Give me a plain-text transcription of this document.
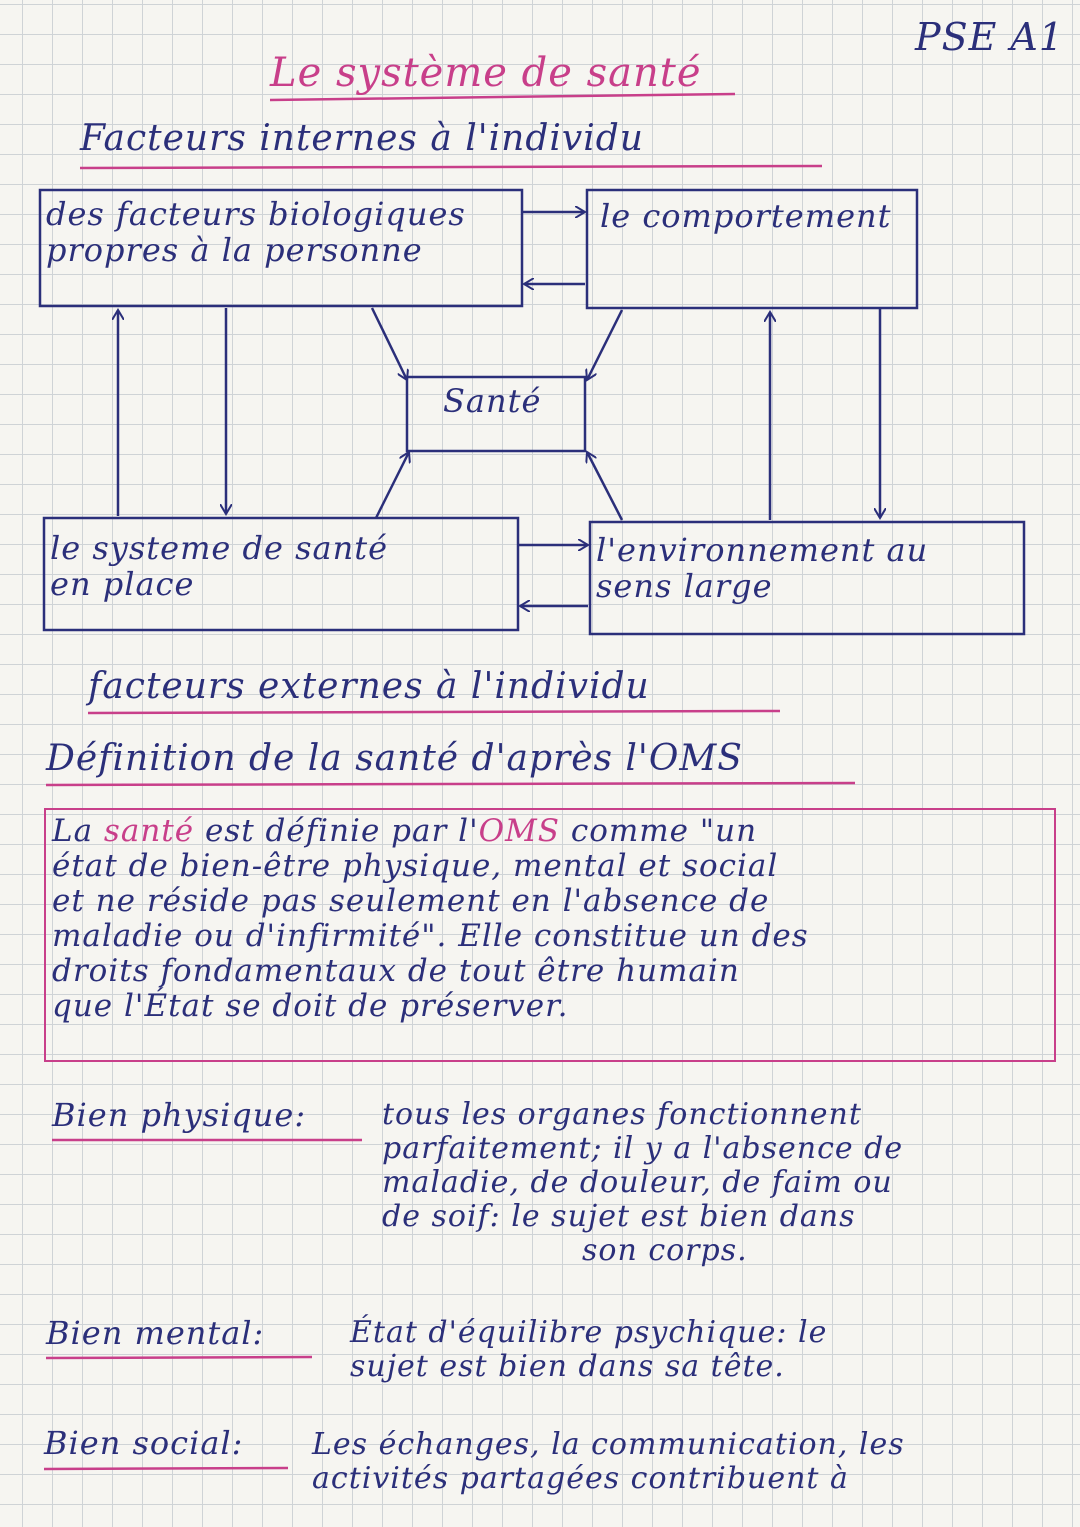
PSE A1
Le système de santé
Facteurs internes à l'individu
des facteurs biologiques
propres à la personne
le comportement
Santé
le systeme de santé
en place
l'environnement au
sens large
facteurs externes à l'individu
Définition de la santé d'après l'OMS
La santé est définie par l'OMS comme "un
état de bien-être physique, mental et social
et ne réside pas seulement en l'absence de
maladie ou d'infirmité". Elle constitue un des
droits fondamentaux de tout être humain
que l'État se doit de préserver.
Bien physique:	tous les organes fonctionnent
parfaitement; il y a l'absence de
maladie, de douleur, de faim ou
de soif: le sujet est bien dans
son corps.
Bien mental:	État d'équilibre psychique: le
sujet est bien dans sa tête.
Bien social: Les échanges, la communication, les
activités partagées contribuent à
